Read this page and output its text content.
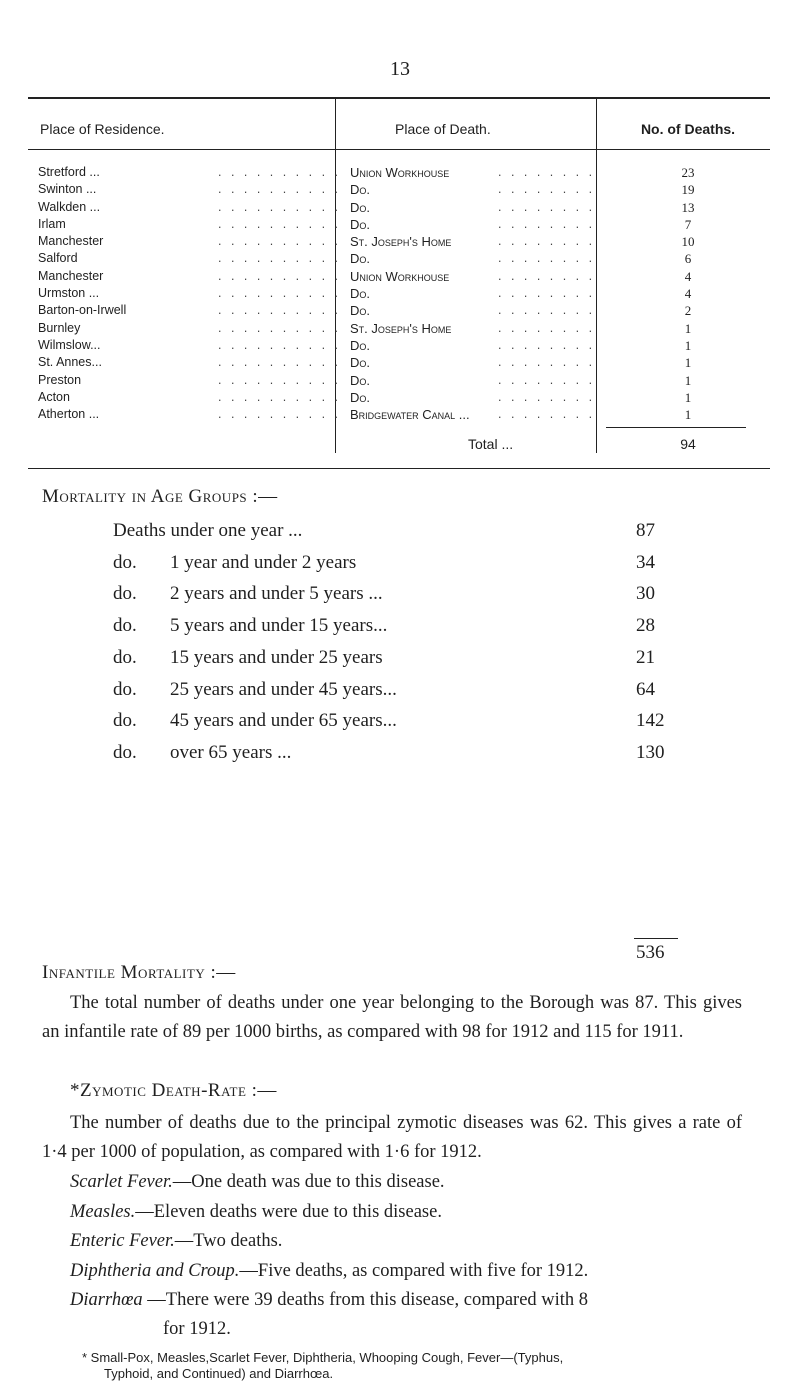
13
Place of Residence.	Place of Death.	No. of Deaths.
Stretford ...	. . . . . . . . . . Union Workhouse	. . . . . . . .	23
Swinton ...	. . . . . . . . . . Do.	. . . . . . . .	19
Walkden ...	. . . . . . . . . . Do.	. . . . . . . .	13
Irlam	. . . . . . . . . . Do.	. . . . . . . .	7
Manchester	. . . . . . . . . . St. Joseph's Home	. . . . . . . .	10
Salford	. . . . . . . . . . Do.	. . . . . . . .	6
Manchester	. . . . . . . . . . Union Workhouse	. . . . . . . .	4
Urmston ...	. . . . . . . . . . Do.	. . . . . . . .	4
Barton-on-Irwell	. . . . . . . . . . Do.	. . . . . . . .	2
Burnley	. . . . . . . . . . St. Joseph's Home	. . . . . . . .	1
Wilmslow...	. . . . . . . . . . Do.	. . . . . . . .	1
St. Annes...	. . . . . . . . . . Do.	. . . . . . . .	1
Preston	. . . . . . . . . . Do.	. . . . . . . .	1
Acton	. . . . . . . . . . Do.	. . . . . . . .	1
Atherton ...	. . . . . . . . . . Bridgewater Canal ... . . . . . . . .	1
Total ...	94
Mortality in Age Groups :—
Deaths under one year ...	87
do. 1 year and under 2 years	34
do. 2 years and under 5 years ...	30
do. 5 years and under 15 years...	28
do. 15 years and under 25 years	21
do. 25 years and under 45 years...	64
do. 45 years and under 65 years...	142
do. over 65 years ...	130
536
Infantile Mortality :—
The total number of deaths under one year belonging to the Borough was 87. This gives an infantile rate of 89 per 1000 births, as compared with 98 for 1912 and 115 for 1911.
*Zymotic Death-Rate :—
The number of deaths due to the principal zymotic diseases was 62. This gives a rate of 1·4 per 1000 of population, as compared with 1·6 for 1912.
Scarlet Fever.—One death was due to this disease.
Measles.—Eleven deaths were due to this disease.
Enteric Fever.—Two deaths.
Diphtheria and Croup.—Five deaths, as compared with five for 1912.
Diarrhœa —There were 39 deaths from this disease, compared with 8
for 1912.
* Small-Pox, Measles,Scarlet Fever, Diphtheria, Whooping Cough, Fever—(Typhus,
Typhoid, and Continued) and Diarrhœa.
